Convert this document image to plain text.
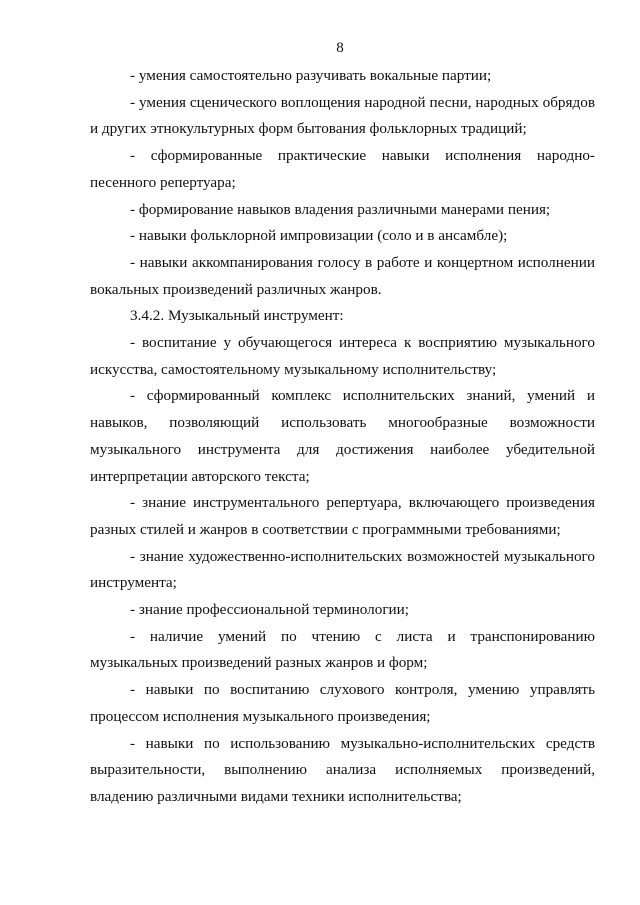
8

- умения самостоятельно разучивать вокальные партии;

- умения сценического воплощения народной песни, народных обрядов и других этнокультурных форм бытования фольклорных традиций;

- сформированные практические навыки исполнения народно-песенного репертуара;

- формирование навыков владения различными манерами пения;

- навыки фольклорной импровизации (соло и в ансамбле);

- навыки аккомпанирования голосу в работе и концертном исполнении вокальных произведений различных жанров.

3.4.2. Музыкальный инструмент:

- воспитание у обучающегося интереса к восприятию музыкального искусства, самостоятельному музыкальному исполнительству;

- сформированный комплекс исполнительских знаний, умений и навыков, позволяющий использовать многообразные возможности музыкального инструмента для достижения наиболее убедительной интерпретации авторского текста;

- знание инструментального репертуара, включающего произведения разных стилей и жанров в соответствии с программными требованиями;

- знание художественно-исполнительских возможностей музыкального инструмента;

- знание профессиональной терминологии;

- наличие умений по чтению с листа и транспонированию музыкальных произведений разных жанров и форм;

- навыки по воспитанию слухового контроля, умению управлять процессом исполнения музыкального произведения;

- навыки по использованию музыкально-исполнительских средств выразительности, выполнению анализа исполняемых произведений, владению различными видами техники исполнительства;
